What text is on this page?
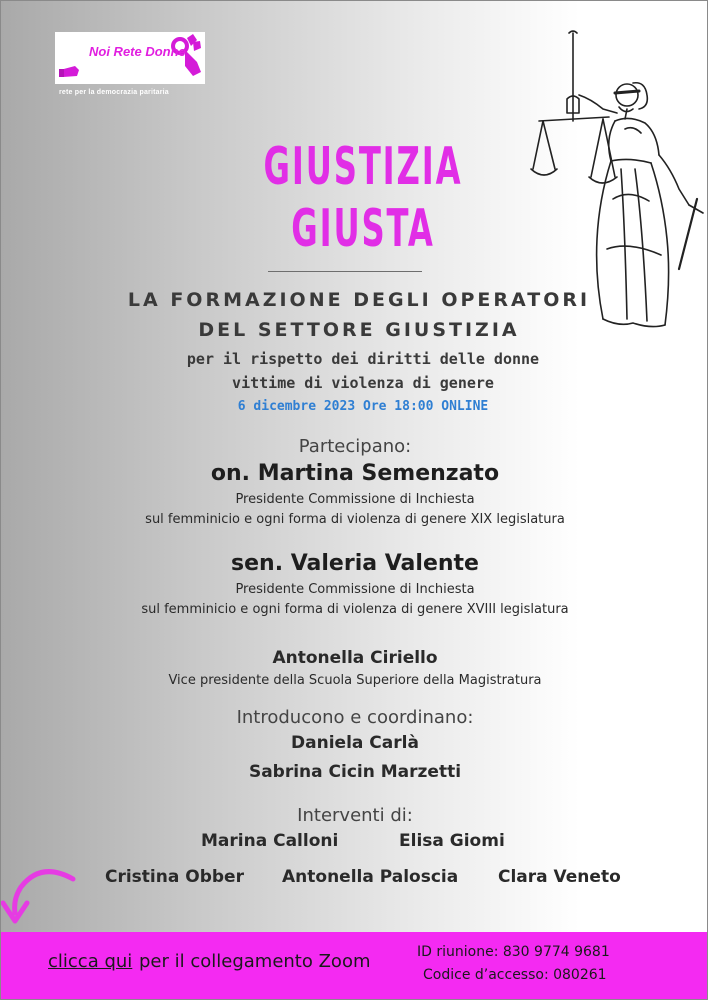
Noi Rete Donne
rete per la democrazia paritaria
GIUSTIZIA
GIUSTA
LA FORMAZIONE DEGLI OPERATORI
DEL SETTORE GIUSTIZIA
per il rispetto dei diritti delle donne
vittime di violenza di genere
6 dicembre 2023 Ore 18:00 ONLINE
Partecipano:
on. Martina Semenzato
Presidente Commissione di Inchiesta
sul femminicio e ogni forma di violenza di genere XIX legislatura
sen. Valeria Valente
Presidente Commissione di Inchiesta
sul femminicio e ogni forma di violenza di genere XVIII legislatura
Antonella Ciriello
Vice presidente della Scuola Superiore della Magistratura
Introducono e coordinano:
Daniela Carlà
Sabrina Cicin Marzetti
Interventi di:
Marina Calloni	Elisa Giomi
Cristina Obber Antonella Paloscia Clara Veneto
clicca qui per il collegamento Zoom	ID riunione: 830 9774 9681
Codice d’accesso: 080261
